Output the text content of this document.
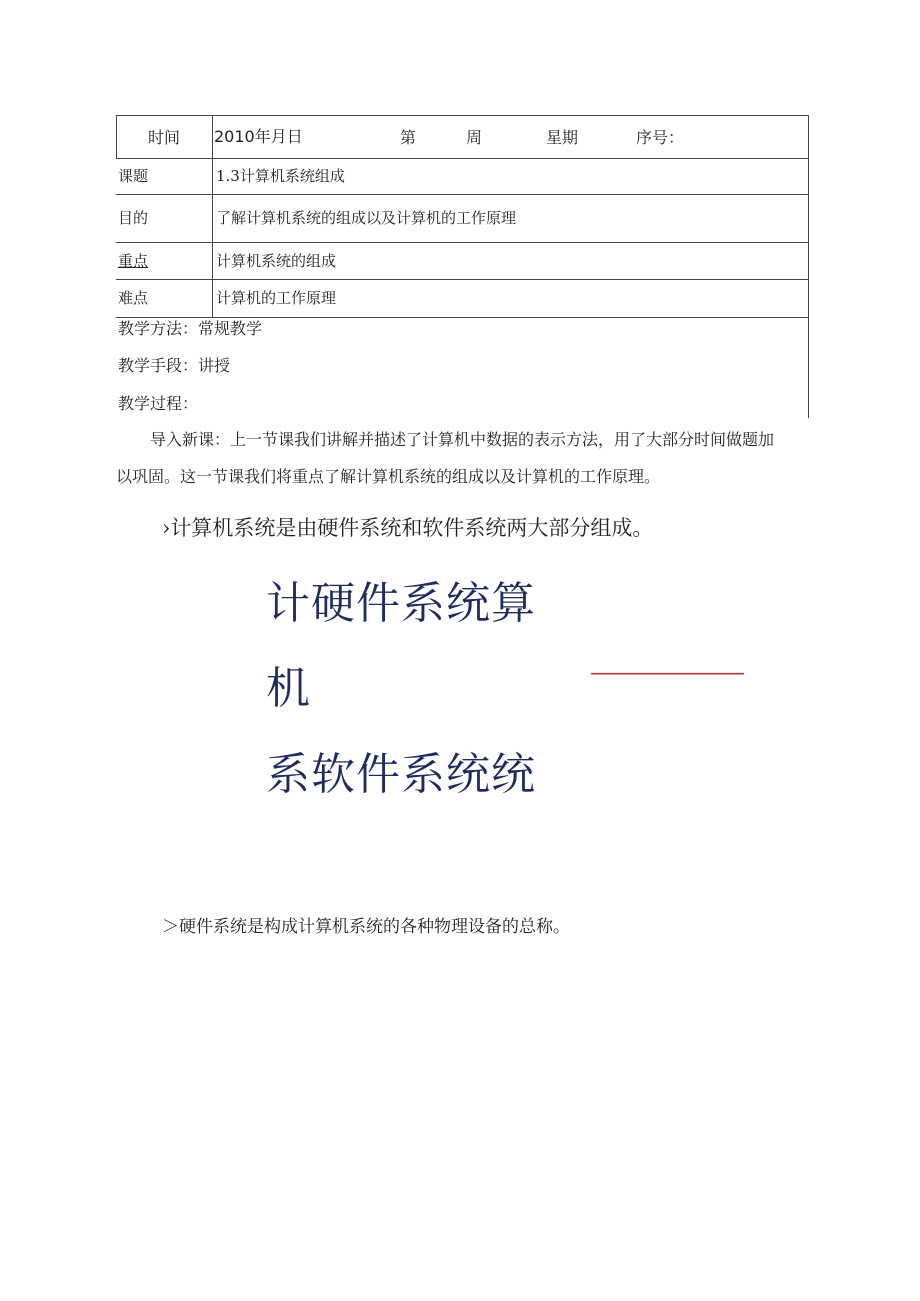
时间 2010年月日	第	周	星期	序号：
课题	1.3计算机系统组成
目的	了解计算机系统的组成以及计算机的工作原理
重点	计算机系统的组成
难点	计算机的工作原理
教学方法：常规教学
教学手段：讲授
教学过程：
导入新课：上一节课我们讲解并描述了计算机中数据的表示方法，用了大部分时间做题加
以巩固。这一节课我们将重点了解计算机系统的组成以及计算机的工作原理。
›计算机系统是由硬件系统和软件系统两大部分组成。
计硬件系统算
机
系软件系统统
————————
＞硬件系统是构成计算机系统的各种物理设备的总称。
